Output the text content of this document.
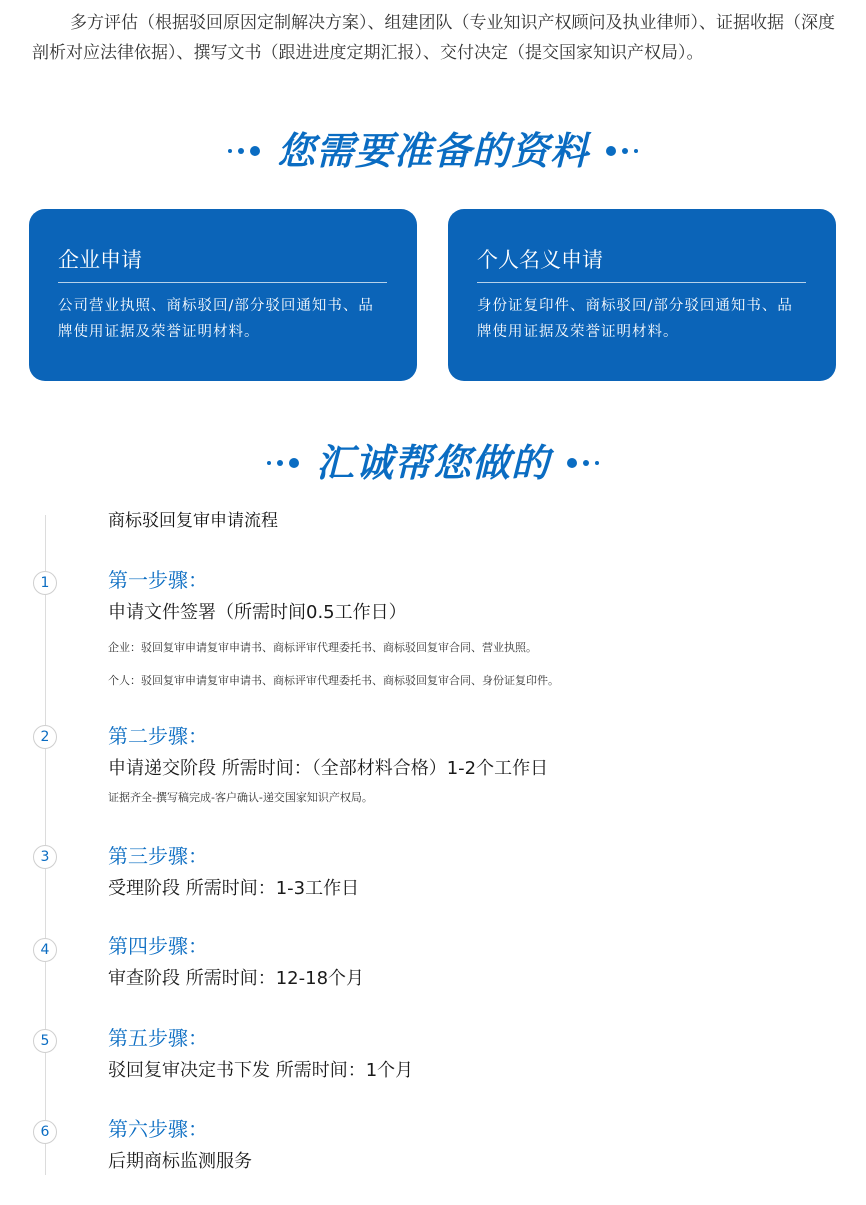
多方评估（根据驳回原因定制解决方案）、组建团队（专业知识产权顾问及执业律师）、证据收据（深度剖析对应法律依据）、撰写文书（跟进进度定期汇报）、交付决定（提交国家知识产权局）。

您需要准备的资料
企业申请
公司营业执照、商标驳回/部分驳回通知书、品牌使用证据及荣誉证明材料。
个人名义申请
身份证复印件、商标驳回/部分驳回通知书、品牌使用证据及荣誉证明材料。
汇诚帮您做的
商标驳回复审申请流程
1	第一步骤：
申请文件签署（所需时间0.5工作日）
企业：驳回复审申请复审申请书、商标评审代理委托书、商标驳回复审合同、营业执照。
个人：驳回复审申请复审申请书、商标评审代理委托书、商标驳回复审合同、身份证复印件。
2	第二步骤：
申请递交阶段 所需时间：（全部材料合格）1-2个工作日
证据齐全-撰写稿完成-客户确认-递交国家知识产权局。
3	第三步骤：
受理阶段 所需时间：1-3工作日
4	第四步骤：
审查阶段 所需时间：12-18个月
5	第五步骤：
驳回复审决定书下发 所需时间：1个月
6	第六步骤：
后期商标监测服务
